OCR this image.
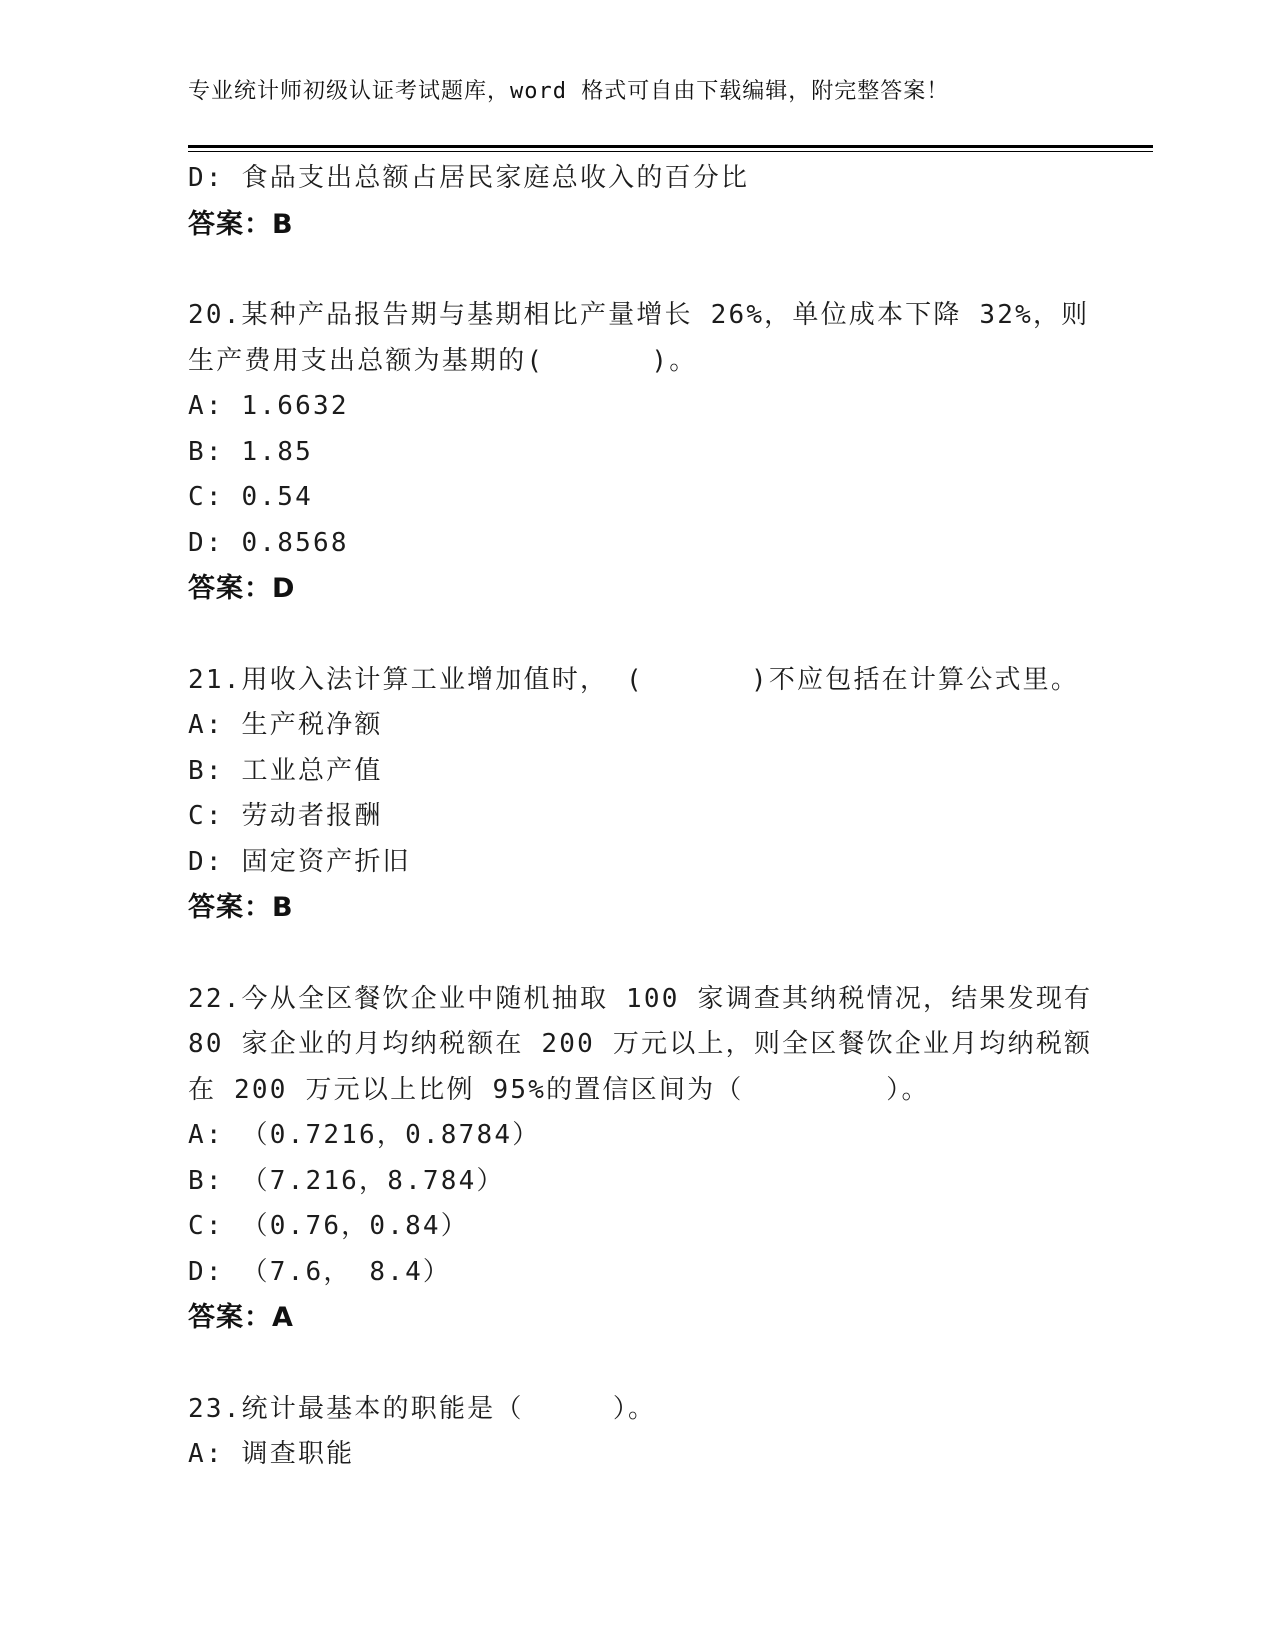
专业统计师初级认证考试题库，word 格式可自由下载编辑，附完整答案！
D: 食品支出总额占居民家庭总收入的百分比
答案：B
20.某种产品报告期与基期相比产量增长 26%，单位成本下降 32%，则
生产费用支出总额为基期的(      )。
A: 1.6632
B: 1.85
C: 0.54
D: 0.8568
答案：D
21.用收入法计算工业增加值时， (      )不应包括在计算公式里。
A: 生产税净额
B: 工业总产值
C: 劳动者报酬
D: 固定资产折旧
答案：B
22.今从全区餐饮企业中随机抽取 100 家调查其纳税情况，结果发现有
80 家企业的月均纳税额在 200 万元以上，则全区餐饮企业月均纳税额
在 200 万元以上比例 95%的置信区间为（        ）。
A: （0.7216，0.8784）
B: （7.216，8.784）
C: （0.76，0.84）
D: （7.6， 8.4）
答案：A
23.统计最基本的职能是（     ）。
A: 调查职能
